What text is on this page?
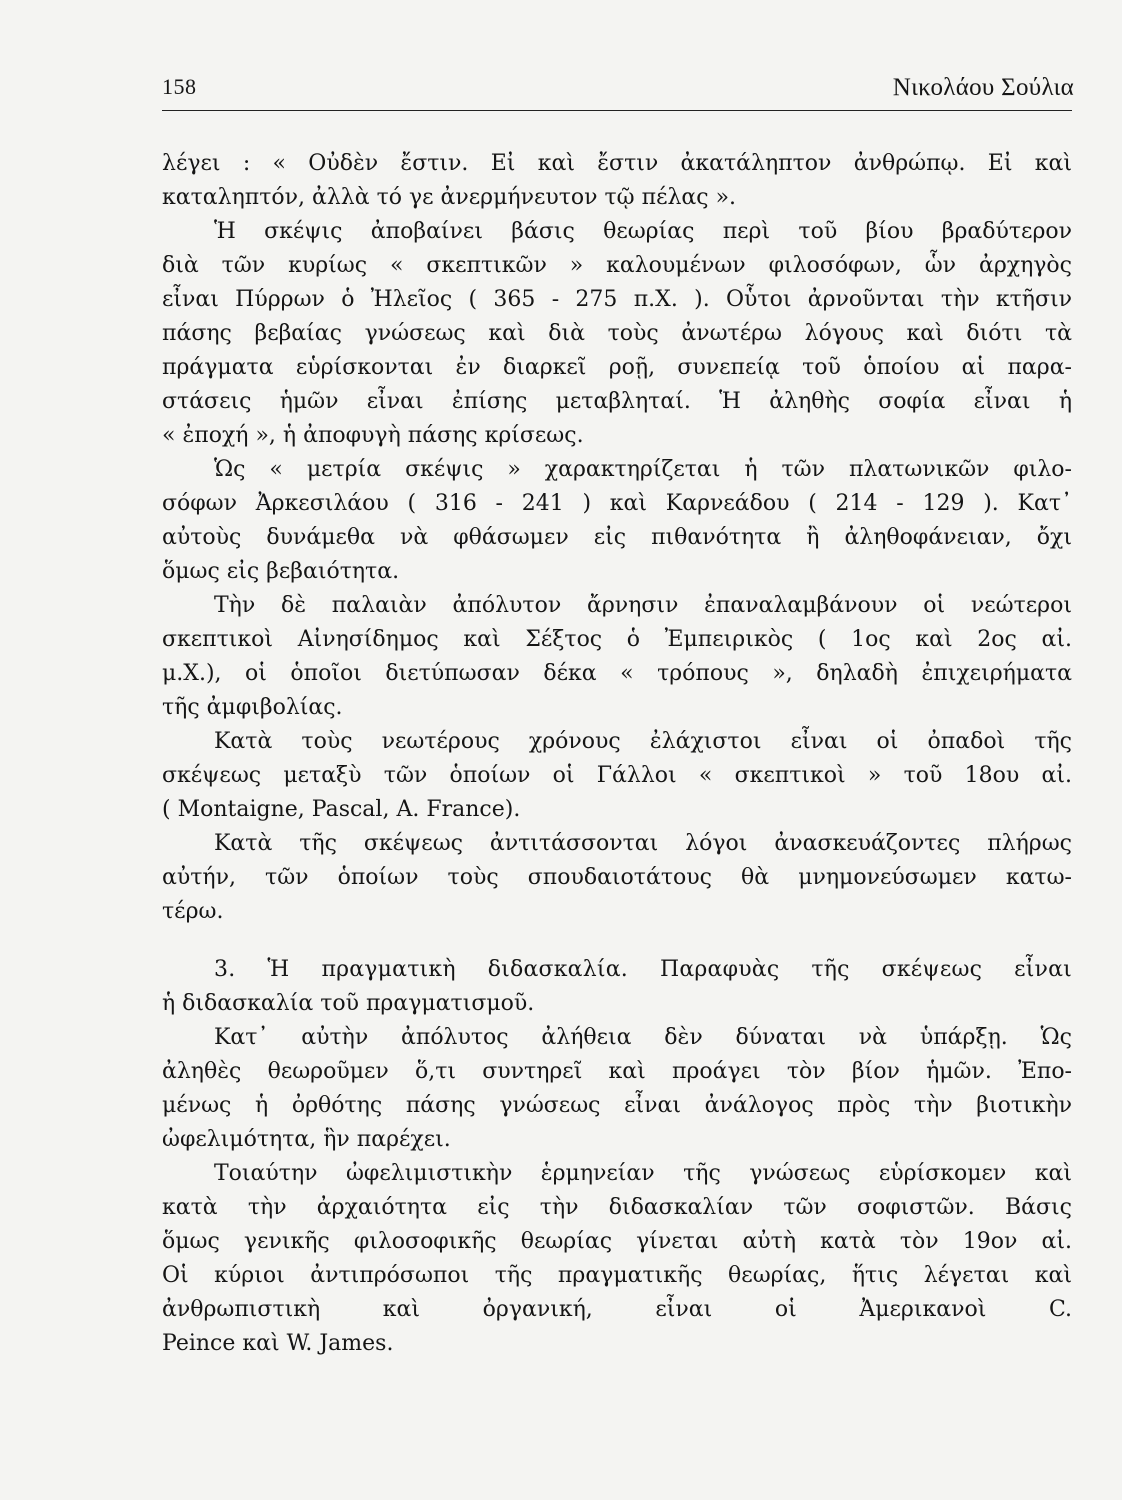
158	Νικολάου Σούλια
λέγει : « Οὐδὲν ἔστιν. Εἰ καὶ ἔστιν ἀκατάληπτον ἀνθρώπῳ. Εἰ καὶ
καταληπτόν, ἀλλὰ τό γε ἀνερμήνευτον τῷ πέλας ».
Ἡ σκέψις ἀποβαίνει βάσις θεωρίας περὶ τοῦ βίου βραδύτερον
διὰ τῶν κυρίως « σκεπτικῶν » καλουμένων φιλοσόφων, ὧν ἀρχηγὸς
εἶναι Πύρρων ὁ Ἠλεῖος ( 365 - 275 π.Χ. ). Οὗτοι ἀρνοῦνται τὴν κτῆσιν
πάσης βεβαίας γνώσεως καὶ διὰ τοὺς ἀνωτέρω λόγους καὶ διότι τὰ
πράγματα εὑρίσκονται ἐν διαρκεῖ ροῇ, συνεπείᾳ τοῦ ὁποίου αἱ παρα-
στάσεις ἡμῶν εἶναι ἐπίσης μεταβληταί. Ἡ ἀληθὴς σοφία εἶναι ἡ
« ἐποχή », ἡ ἀποφυγὴ πάσης κρίσεως.
Ὡς « μετρία σκέψις » χαρακτηρίζεται ἡ τῶν πλατωνικῶν φιλο-
σόφων Ἀρκεσιλάου ( 316 - 241 ) καὶ Καρνεάδου ( 214 - 129 ). Κατ᾽
αὐτοὺς δυνάμεθα νὰ φθάσωμεν εἰς πιθανότητα ἢ ἀληθοφάνειαν, ὄχι
ὅμως εἰς βεβαιότητα.
Τὴν δὲ παλαιὰν ἀπόλυτον ἄρνησιν ἐπαναλαμβάνουν οἱ νεώτεροι
σκεπτικοὶ Αἰνησίδημος καὶ Σέξτος ὁ Ἐμπειρικὸς ( 1ος καὶ 2ος αἰ.
μ.Χ.), οἱ ὁποῖοι διετύπωσαν δέκα « τρόπους », δηλαδὴ ἐπιχειρήματα
τῆς ἀμφιβολίας.
Κατὰ τοὺς νεωτέρους χρόνους ἐλάχιστοι εἶναι οἱ ὀπαδοὶ τῆς
σκέψεως μεταξὺ τῶν ὁποίων οἱ Γάλλοι « σκεπτικοὶ » τοῦ 18ου αἰ.
( Montaigne, Pascal, A. France).
Κατὰ τῆς σκέψεως ἀντιτάσσονται λόγοι ἀνασκευάζοντες πλήρως
αὐτήν, τῶν ὁποίων τοὺς σπουδαιοτάτους θὰ μνημονεύσωμεν κατω-
τέρω.
3. Ἡ πραγματικὴ διδασκαλία. Παραφυὰς τῆς σκέψεως εἶναι
ἡ διδασκαλία τοῦ πραγματισμοῦ.
Κατ᾽ αὐτὴν ἀπόλυτος ἀλήθεια δὲν δύναται νὰ ὑπάρξῃ. Ὡς
ἀληθὲς θεωροῦμεν ὅ,τι συντηρεῖ καὶ προάγει τὸν βίον ἡμῶν. Ἐπο-
μένως ἡ ὀρθότης πάσης γνώσεως εἶναι ἀνάλογος πρὸς τὴν βιοτικὴν
ὠφελιμότητα, ἣν παρέχει.
Τοιαύτην ὠφελιμιστικὴν ἑρμηνείαν τῆς γνώσεως εὑρίσκομεν καὶ
κατὰ τὴν ἀρχαιότητα εἰς τὴν διδασκαλίαν τῶν σοφιστῶν. Βάσις
ὅμως γενικῆς φιλοσοφικῆς θεωρίας γίνεται αὐτὴ κατὰ τὸν 19ον αἰ.
Οἱ κύριοι ἀντιπρόσωποι τῆς πραγματικῆς θεωρίας, ἥτις λέγεται καὶ
ἀνθρωπιστικὴ καὶ ὀργανική, εἶναι οἱ Ἀμερικανοὶ C.
Peince καὶ W. James.
